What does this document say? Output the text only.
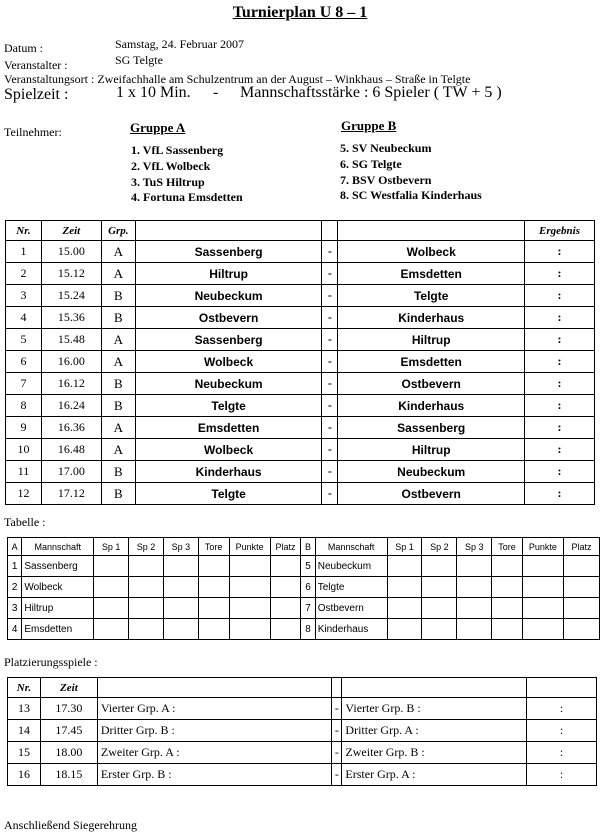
Turnierplan U 8 – 1
Datum :	Samstag, 24. Februar 2007
Veranstalter :	SG Telgte
Veranstaltungsort : Zweifachhalle am Schulzentrum an der August – Winkhaus – Straße in Telgte
Spielzeit :	1 x 10 Min. - Mannschaftsstärke : 6 Spieler ( TW + 5 )
Teilnehmer:	Gruppe A	Gruppe B
1. VfL Sassenberg
2. VfL Wolbeck
3. TuS Hiltrup
4. Fortuna Emsdetten
5. SV Neubeckum
6. SG Telgte
7. BSV Ostbevern
8. SC Westfalia Kinderhaus
Nr.	Zeit	Grp.				Ergebnis
1	15.00	A	Sassenberg	-	Wolbeck	:
2	15.12	A	Hiltrup	-	Emsdetten	:
3	15.24	B	Neubeckum	-	Telgte	:
4	15.36	B	Ostbevern	-	Kinderhaus	:
5	15.48	A	Sassenberg	-	Hiltrup	:
6	16.00	A	Wolbeck	-	Emsdetten	:
7	16.12	B	Neubeckum	-	Ostbevern	:
8	16.24	B	Telgte	-	Kinderhaus	:
9	16.36	A	Emsdetten	-	Sassenberg	:
10	16.48	A	Wolbeck	-	Hiltrup	:
11	17.00	B	Kinderhaus	-	Neubeckum	:
12	17.12	B	Telgte	-	Ostbevern	:
Tabelle :
A	Mannschaft	Sp 1	Sp 2	Sp 3	Tore	Punkte	Platz	B	Mannschaft	Sp 1	Sp 2	Sp 3	Tore	Punkte	Platz
1	Sassenberg							5	Neubeckum						
2	Wolbeck							6	Telgte						
3	Hiltrup							7	Ostbevern						
4	Emsdetten							8	Kinderhaus						
Platzierungsspiele :
Nr.	Zeit				
13	17.30	Vierter Grp. A :	-	Vierter Grp. B :	:
14	17.45	Dritter Grp. B :	-	Dritter Grp. A :	:
15	18.00	Zweiter Grp. A :	-	Zweiter Grp. B :	:
16	18.15	Erster Grp. B :	-	Erster Grp. A :	:
Anschließend Siegerehrung
